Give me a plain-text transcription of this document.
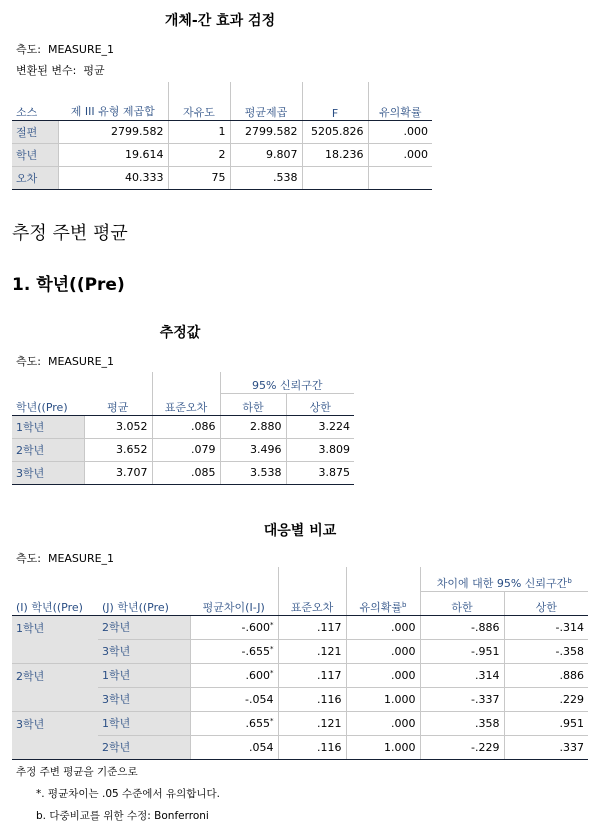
개체-간 효과 검정
측도: MEASURE_1
변환된 변수: 평균
소스	제 III 유형 제곱합	자유도	평균제곱	F	유의확률
절편	2799.582	1	2799.582	5205.826	.000
학년	19.614	2	9.807	18.236	.000
오차	40.333	75	.538		
추정 주변 평균
1. 학년((Pre)
추정값
측도: MEASURE_1
			95% 신뢰구간	
학년((Pre)	평균	표준오차	하한	상한
1학년	3.052	.086	2.880	3.224
2학년	3.652	.079	3.496	3.809
3학년	3.707	.085	3.538	3.875
대응별 비교
측도: MEASURE_1
					차이에 대한 95% 신뢰구간$^b$
(I) 학년((Pre)	(J) 학년((Pre)	평균차이(I-J)	표준오차	유의확률$^b$	하한	상한
1학년	2학년	-.600*	.117	.000	-.886	-.314
	3학년	-.655*	.121	.000	-.951	-.358
2학년	1학년	.600*	.117	.000	.314	.886
	3학년	-.054	.116	1.000	-.337	.229
3학년	1학년	.655*	.121	.000	.358	.951
	2학년	.054	.116	1.000	-.229	.337
추정 주변 평균을 기준으로
*. 평균차이는 .05 수준에서 유의합니다.
b. 다중비교를 위한 수정: Bonferroni
